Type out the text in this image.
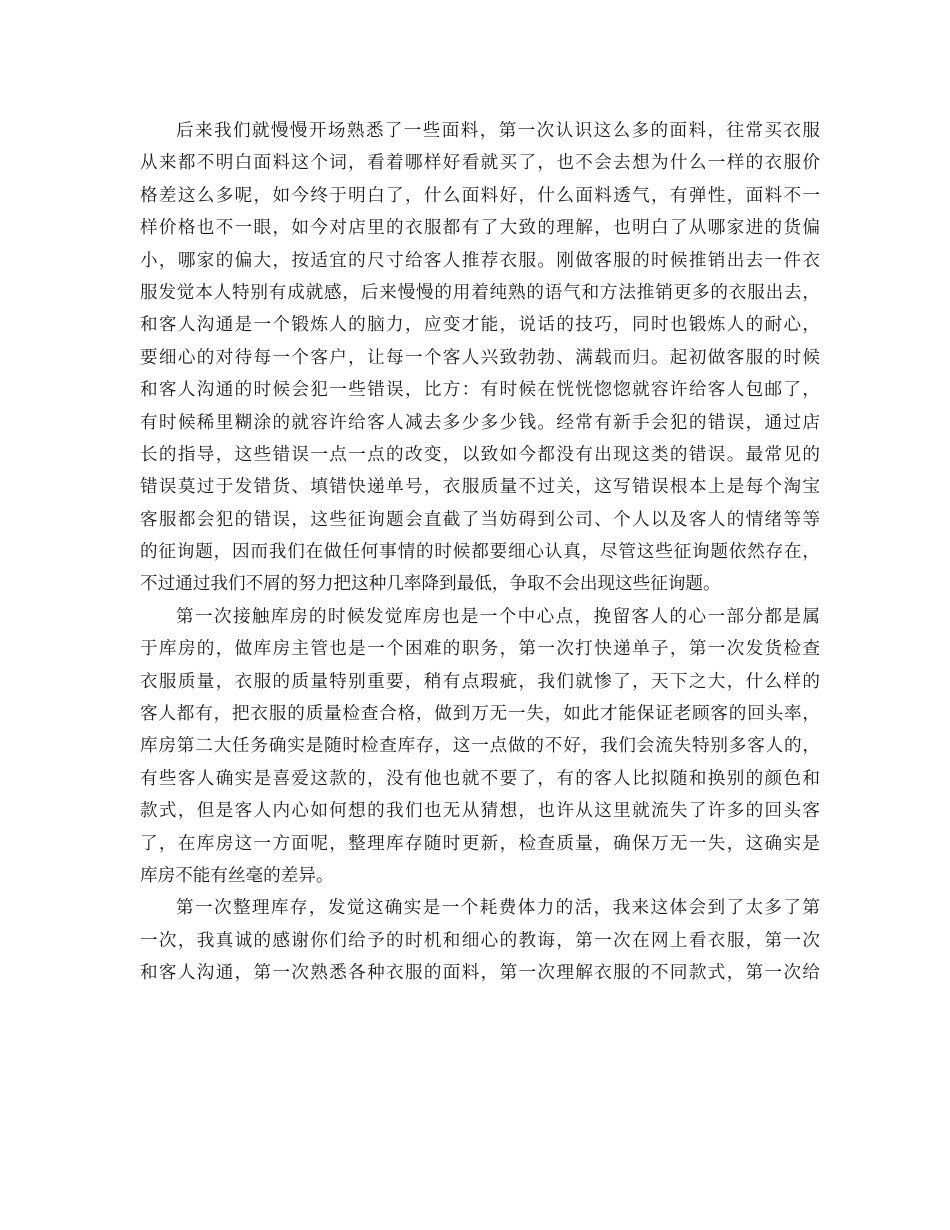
后来我们就慢慢开场熟悉了一些面料，第一次认识这么多的面料，往常买衣服
从来都不明白面料这个词，看着哪样好看就买了，也不会去想为什么一样的衣服价
格差这么多呢，如今终于明白了，什么面料好，什么面料透气，有弹性，面料不一
样价格也不一眼，如今对店里的衣服都有了大致的理解，也明白了从哪家进的货偏
小，哪家的偏大，按适宜的尺寸给客人推荐衣服。刚做客服的时候推销出去一件衣
服发觉本人特别有成就感，后来慢慢的用着纯熟的语气和方法推销更多的衣服出去，
和客人沟通是一个锻炼人的脑力，应变才能，说话的技巧，同时也锻炼人的耐心，
要细心的对待每一个客户，让每一个客人兴致勃勃、满载而归。起初做客服的时候
和客人沟通的时候会犯一些错误，比方：有时候在恍恍惚惚就容许给客人包邮了，
有时候稀里糊涂的就容许给客人减去多少多少钱。经常有新手会犯的错误，通过店
长的指导，这些错误一点一点的改变，以致如今都没有出现这类的错误。最常见的
错误莫过于发错货、填错快递单号，衣服质量不过关，这写错误根本上是每个淘宝
客服都会犯的错误，这些征询题会直截了当妨碍到公司、个人以及客人的情绪等等
的征询题，因而我们在做任何事情的时候都要细心认真，尽管这些征询题依然存在，
不过通过我们不屑的努力把这种几率降到最低，争取不会出现这些征询题。
第一次接触库房的时候发觉库房也是一个中心点，挽留客人的心一部分都是属
于库房的，做库房主管也是一个困难的职务，第一次打快递单子，第一次发货检查
衣服质量，衣服的质量特别重要，稍有点瑕疵，我们就惨了，天下之大，什么样的
客人都有，把衣服的质量检查合格，做到万无一失，如此才能保证老顾客的回头率，
库房第二大任务确实是随时检查库存，这一点做的不好，我们会流失特别多客人的，
有些客人确实是喜爱这款的，没有他也就不要了，有的客人比拟随和换别的颜色和
款式，但是客人内心如何想的我们也无从猜想，也许从这里就流失了许多的回头客
了，在库房这一方面呢，整理库存随时更新，检查质量，确保万无一失，这确实是
库房不能有丝毫的差异。
第一次整理库存，发觉这确实是一个耗费体力的活，我来这体会到了太多了第
一次，我真诚的感谢你们给予的时机和细心的教诲，第一次在网上看衣服，第一次
和客人沟通，第一次熟悉各种衣服的面料，第一次理解衣服的不同款式，第一次给
